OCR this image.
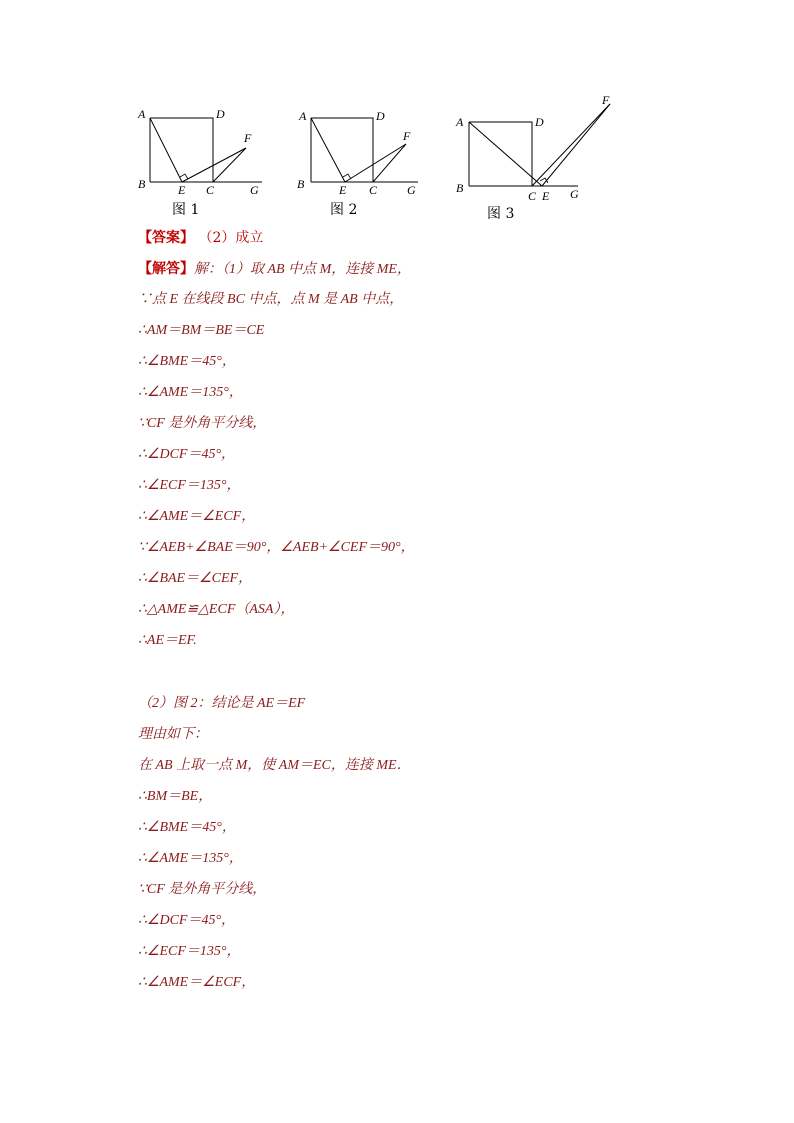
A	D
F
B	E C	G
图 1
A	D
F
B	E C G
图 2
A	D
F
B
C E G
图 3
【答案】 （2）成立
【解答】解：（1）取 AB 中点 M，连接 ME，
∵点 E 在线段 BC 中点，点 M 是 AB 中点，
∴AM＝BM＝BE＝CE
∴∠BME＝45°，
∴∠AME＝135°，
∵CF 是外角平分线，
∴∠DCF＝45°，
∴∠ECF＝135°，
∴∠AME＝∠ECF，
∵∠AEB+∠BAE＝90°，∠AEB+∠CEF＝90°，
∴∠BAE＝∠CEF，
∴△AME≌△ECF（ASA），
∴AE＝EF.
（2）图 2：结论是 AE＝EF
理由如下：
在 AB 上取一点 M，使 AM＝EC，连接 ME．
∴BM＝BE，
∴∠BME＝45°，
∴∠AME＝135°，
∵CF 是外角平分线，
∴∠DCF＝45°，
∴∠ECF＝135°，
∴∠AME＝∠ECF，
